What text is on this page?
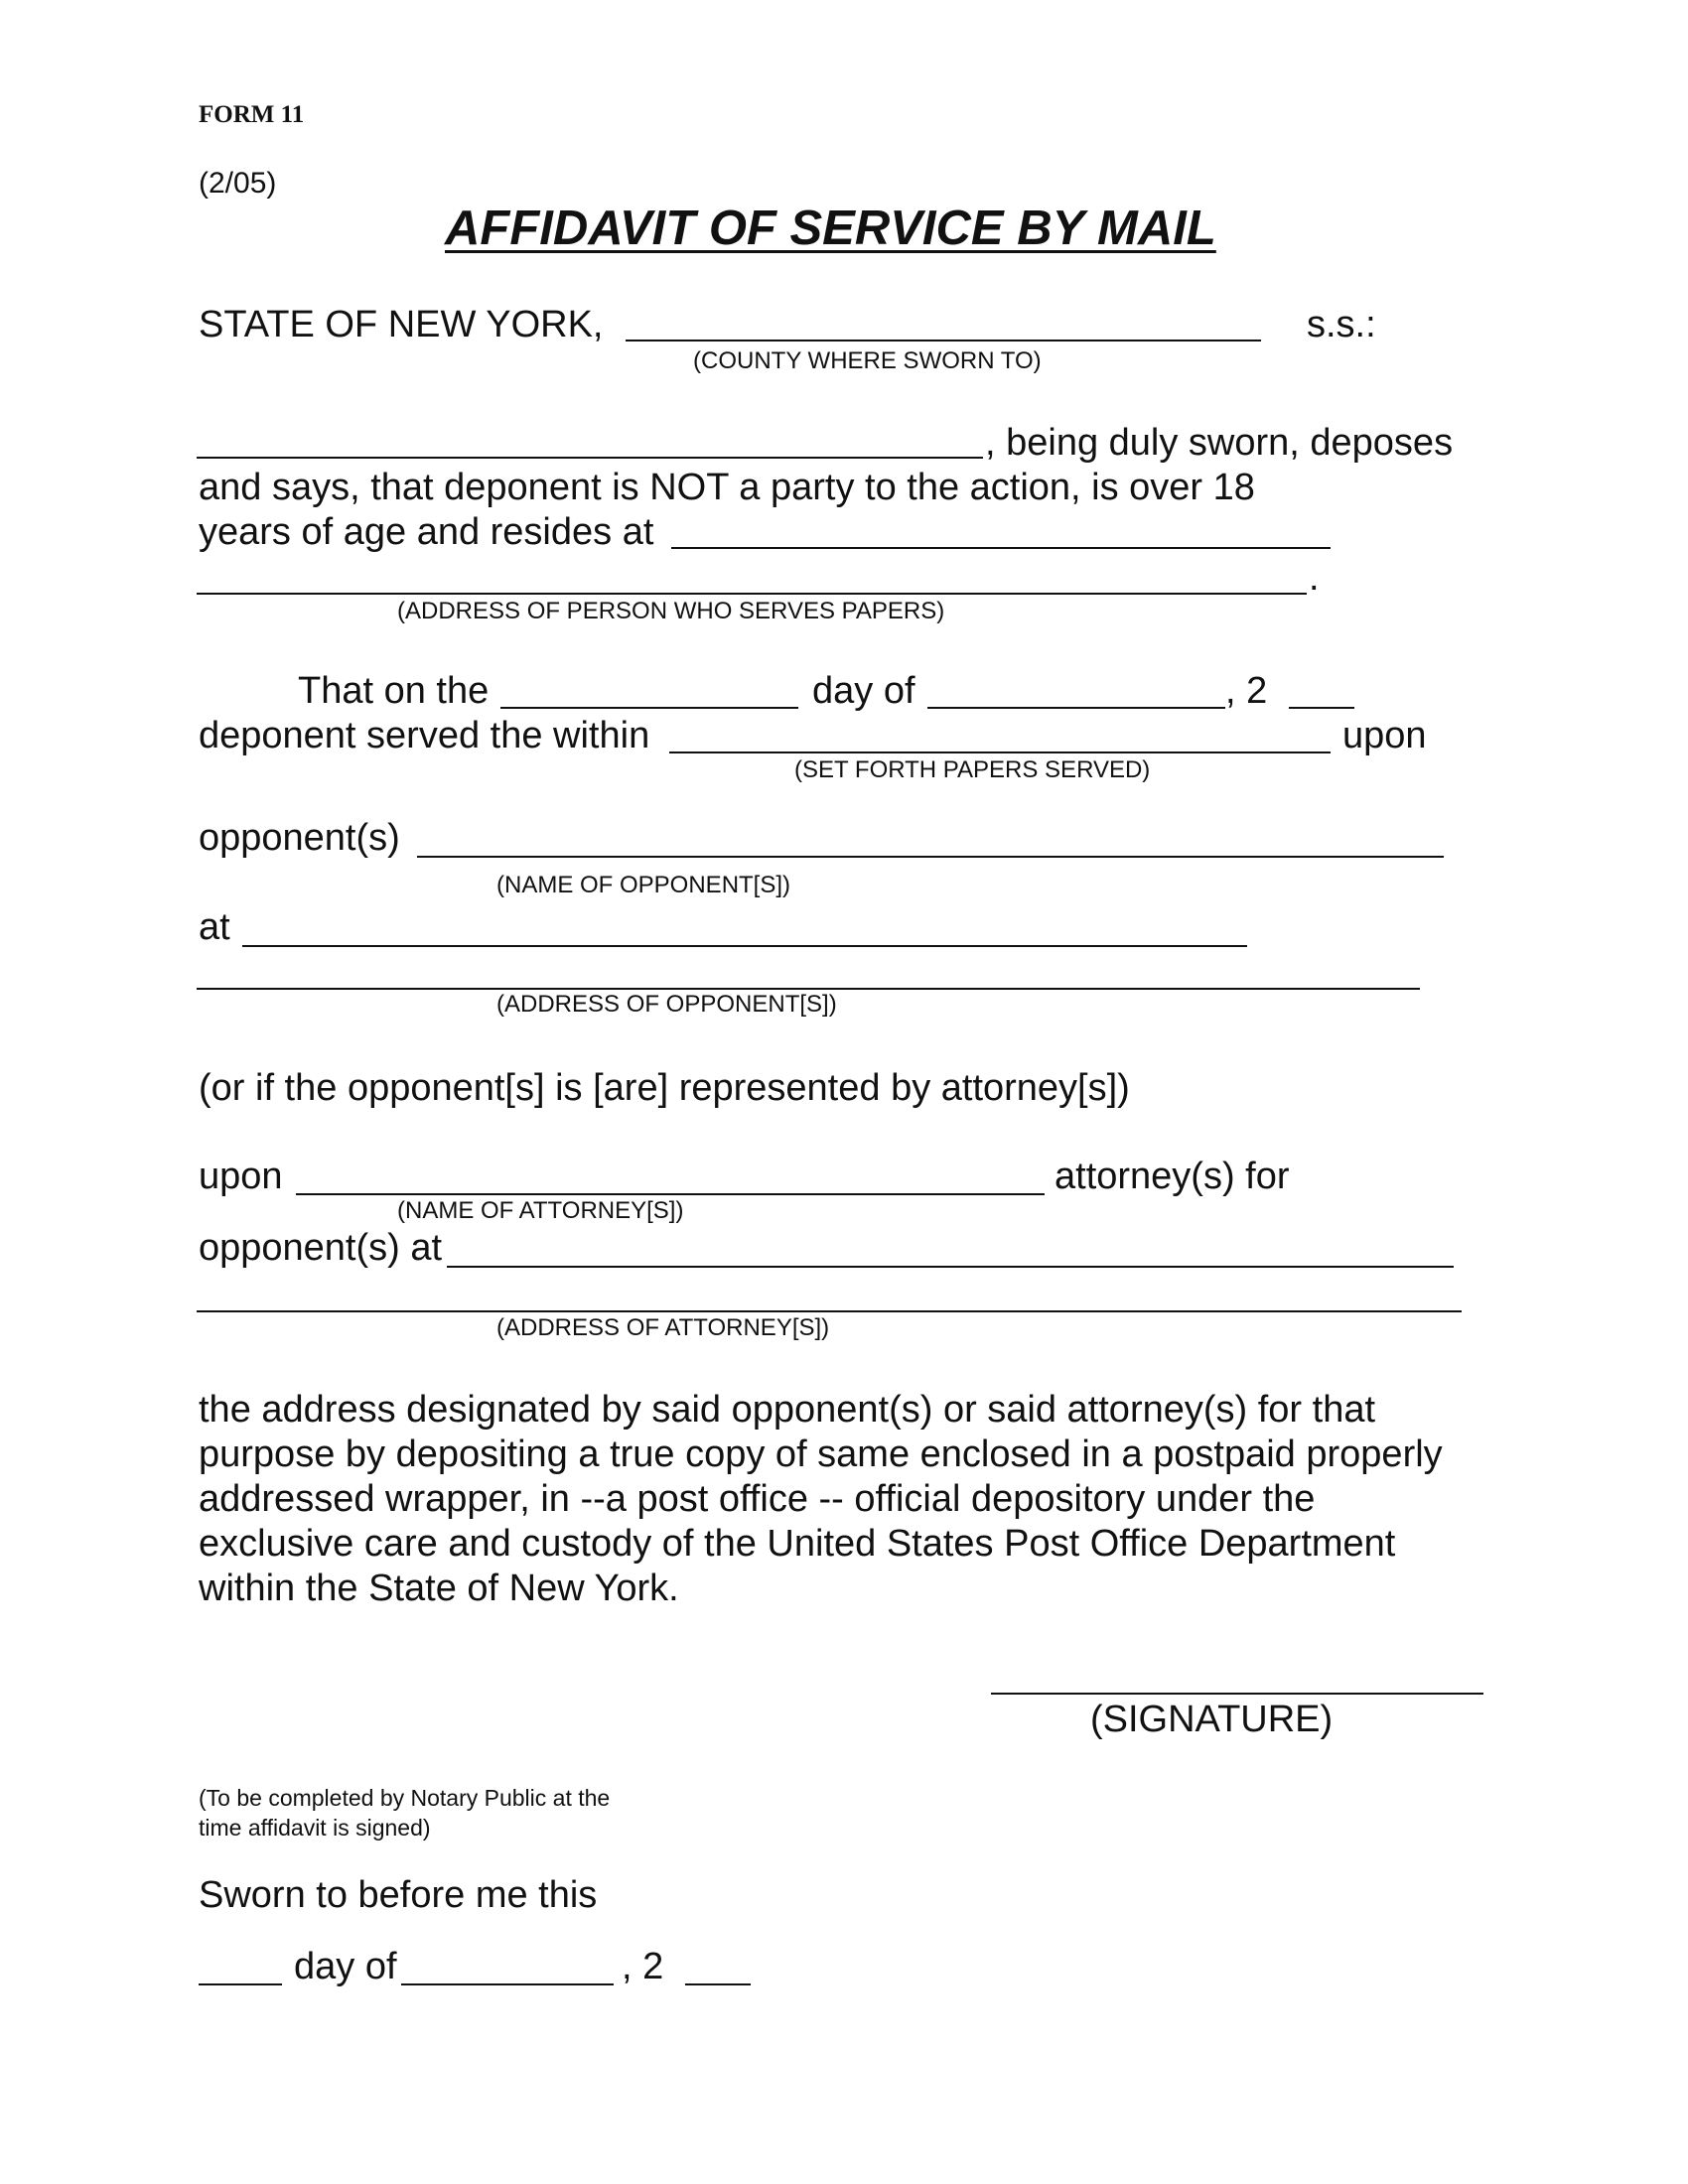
FORM 11
(2/05)
AFFIDAVIT OF SERVICE BY MAIL
STATE OF NEW YORK,	s.s.:
(COUNTY WHERE SWORN TO)
, being duly sworn, deposes
and says, that deponent is NOT a party to the action, is over 18
years of age and resides at
.
(ADDRESS OF PERSON WHO SERVES PAPERS)
That on the	day of	, 2
deponent served the within	upon
(SET FORTH PAPERS SERVED)
opponent(s)
(NAME OF OPPONENT[S])
at
(ADDRESS OF OPPONENT[S])
(or if the opponent[s] is [are] represented by attorney[s])
upon	attorney(s) for
(NAME OF ATTORNEY[S])
opponent(s) at
(ADDRESS OF ATTORNEY[S])
the address designated by said opponent(s) or said attorney(s) for that
purpose by depositing a true copy of same enclosed in a postpaid properly
addressed wrapper, in --a post office -- official depository under the
exclusive care and custody of the United States Post Office Department
within the State of New York.
(SIGNATURE)
(To be completed by Notary Public at the
time affidavit is signed)
Sworn to before me this
day of	, 2
